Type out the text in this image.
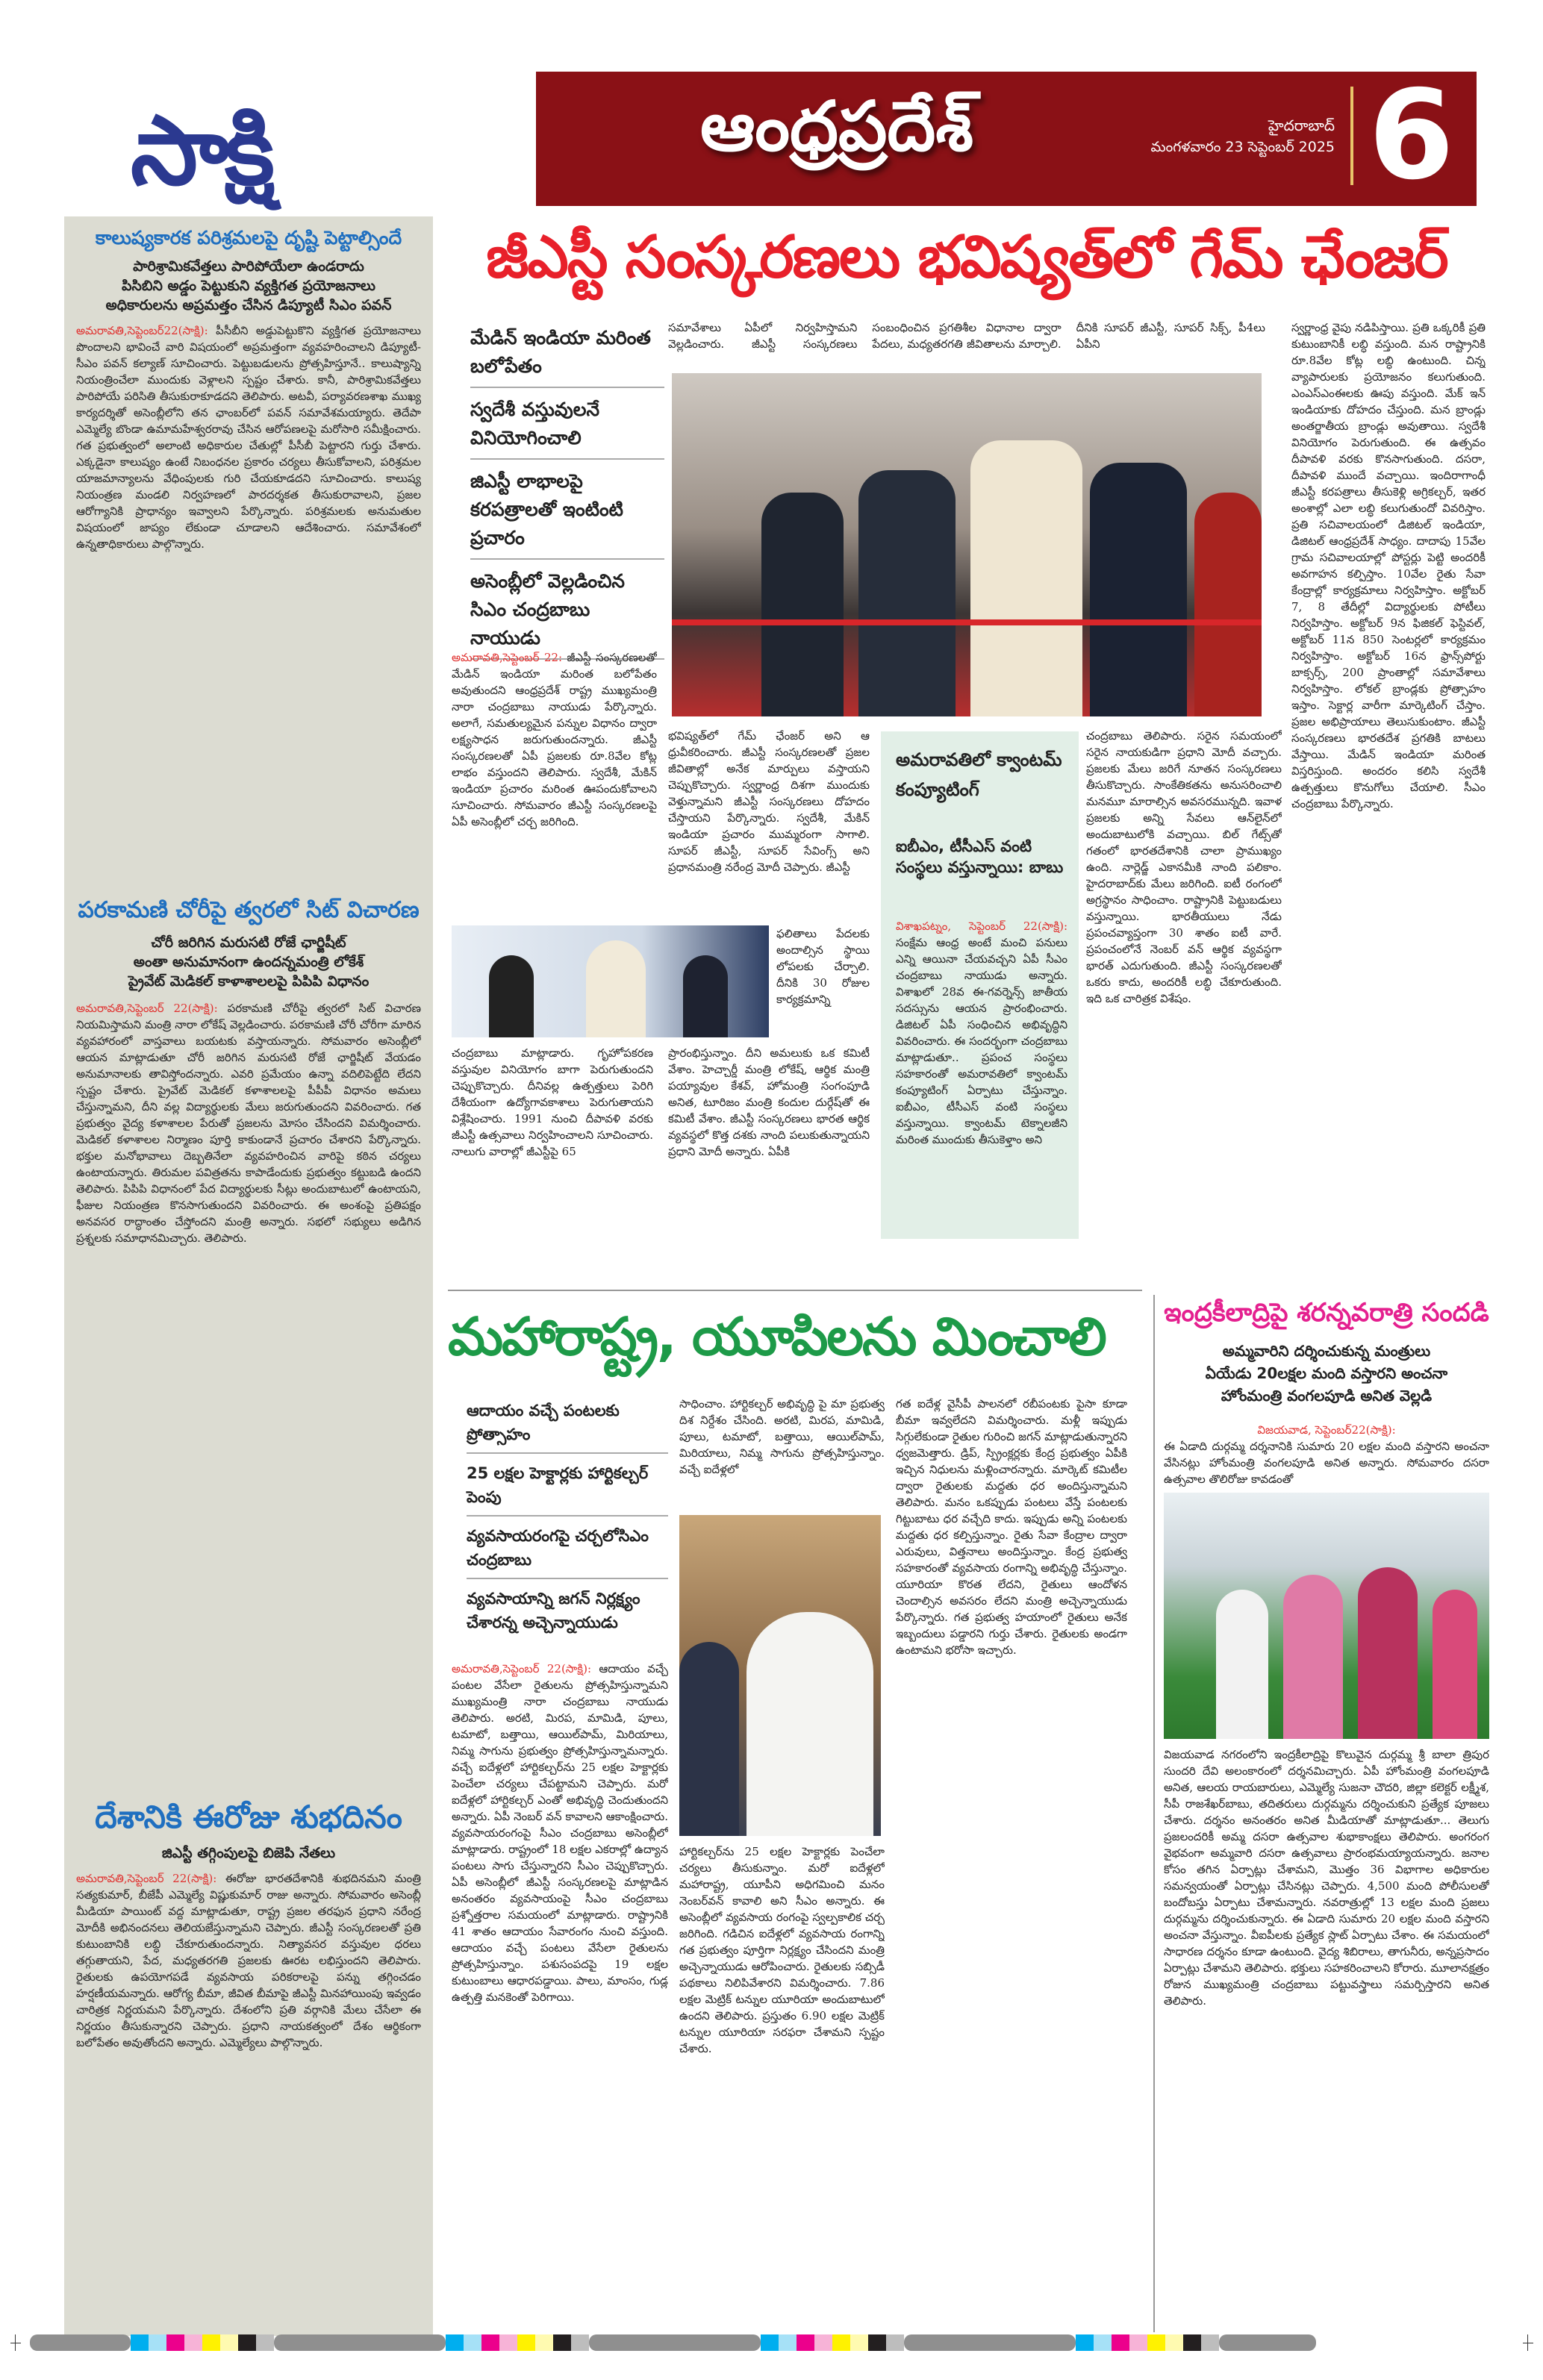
సాక్షి	ఆంధ్రప్రదేశ్	హైదరాబాద్
మంగళవారం 23 సెప్టెంబర్ 2025 6
కాలుష్యకారక పరిశ్రమలపై దృష్టి పెట్టాల్సిందే
పారిశ్రామికవేత్తలు పారిపోయేలా ఉండరాదు
పిసిబిని అడ్డం పెట్టుకుని వ్యక్తిగత ప్రయోజనాలు
అధికారులను అప్రమత్తం చేసిన డిప్యూటీ సిఎం పవన్
అమరావతి,సెప్టెంబర్22(సాక్షి): పీసీబీని అడ్డుపెట్టుకొని వ్యక్తిగత ప్రయోజనాలు పొందాలని భావించే వారి విషయంలో అప్రమత్తంగా వ్యవహరించాలని డిప్యూటీ- సీఎం పవన్ కల్యాణ్ సూచించారు. పెట్టుబడులను ప్రోత్సహిస్తూనే.. కాలుష్యాన్ని నియంత్రించేలా ముందుకు వెళ్లాలని స్పష్టం చేశారు. కానీ, పారిశ్రామికవేత్తలు పారిపోయే పరిసితి తీసుకురాకూడదని తెలిపారు. అటవీ, పర్యావరణశాఖ ముఖ్య కార్యదర్శితో అసెంబ్లీలోని తన ఛాంబర్‌లో పవన్ సమావేశమయ్యారు. తెదేపా ఎమ్మెల్యే బొండా ఉమామహేశ్వరరావు చేసిన ఆరోపణలపై మరోసారి సమీక్షించారు. గత ప్రభుత్వంలో అలాంటి అధికారుల చేతుల్లో పీసీబీ పెట్టారని గుర్తు చేశారు. ఎక్కడైనా కాలుష్యం ఉంటే నిబంధనల ప్రకారం చర్యలు తీసుకోవాలని, పరిశ్రమల యాజమాన్యాలను వేధింపులకు గురి చేయకూడదని సూచించారు. కాలుష్య నియంత్రణ మండలి నిర్వహణలో పారదర్శకత తీసుకురావాలని, ప్రజల ఆరోగ్యానికి ప్రాధాన్యం ఇవ్వాలని పేర్కొన్నారు. పరిశ్రమలకు అనుమతుల విషయంలో జాప్యం లేకుండా చూడాలని ఆదేశించారు. సమావేశంలో ఉన్నతాధికారులు పాల్గొన్నారు.
పరకామణి చోరీపై త్వరలో సిట్ విచారణ
చోరీ జరిగిన మరుసటి రోజే ఛార్జిషీట్
అంతా అనుమానంగా ఉందన్నమంత్రి లోకేశ్
ప్రైవేట్ మెడికల్ కాళాశాలలపై పిపిపి విధానం
అమరావతి,సెప్టెంబర్ 22(సాక్షి): పరకామణి చోరీపై త్వరలో సిట్ విచారణ నియమిస్తామని మంత్రి నారా లోకేష్ వెల్లడించారు. పరకామణి చోరీ చోరీగా మారిన వ్యవహారంలో వాస్తవాలు బయటకు వస్తాయన్నారు. సోమవారం అసెంబ్లీలో ఆయన మాట్లాడుతూ చోరీ జరిగిన మరుసటి రోజే ఛార్జిషీట్ వేయడం అనుమానాలకు తావిస్తోందన్నారు. ఎవరి ప్రమేయం ఉన్నా వదిలిపెట్టేది లేదని స్పష్టం చేశారు. ప్రైవేట్ మెడికల్ కళాశాలలపై పీపీపీ విధానం అమలు చేస్తున్నామని, దీని వల్ల విద్యార్థులకు మేలు జరుగుతుందని వివరించారు. గత ప్రభుత్వం వైద్య కళాశాలల పేరుతో ప్రజలను మోసం చేసిందని విమర్శించారు. మెడికల్ కళాశాలల నిర్మాణం పూర్తి కాకుండానే ప్రచారం చేశారని పేర్కొన్నారు. భక్తుల మనోభావాలు దెబ్బతినేలా వ్యవహరించిన వారిపై కఠిన చర్యలు ఉంటాయన్నారు. తిరుమల పవిత్రతను కాపాడేందుకు ప్రభుత్వం కట్టుబడి ఉందని తెలిపారు. పిపిపి విధానంలో పేద విద్యార్థులకు సీట్లు అందుబాటులో ఉంటాయని, ఫీజుల నియంత్రణ కొనసాగుతుందని వివరించారు. ఈ అంశంపై ప్రతిపక్షం అనవసర రాద్ధాంతం చేస్తోందని మంత్రి అన్నారు. సభలో సభ్యులు అడిగిన ప్రశ్నలకు సమాధానమిచ్చారు. తెలిపారు.
దేశానికి ఈరోజు శుభదినం
జిఎస్టీ తగ్గింపులపై బిజెపి నేతలు
అమరావతి,సెప్టెంబర్ 22(సాక్షి): ఈరోజు భారతదేశానికి శుభదినమని మంత్రి సత్యకుమార్, బీజేపీ ఎమ్మెల్యే విష్ణుకుమార్ రాజు అన్నారు. సోమవారం అసెంబ్లీ మీడియా పాయింట్ వద్ద మాట్లాడుతూ, రాష్ట్ర ప్రజల తరఫున ప్రధాని నరేంద్ర మోదీకి అభినందనలు తెలియజేస్తున్నామని చెప్పారు. జీఎస్టీ సంస్కరణలతో ప్రతి కుటుంబానికి లబ్ధి చేకూరుతుందన్నారు. నిత్యావసర వస్తువుల ధరలు తగ్గుతాయని, పేద, మధ్యతరగతి ప్రజలకు ఊరట లభిస్తుందని తెలిపారు. రైతులకు ఉపయోగపడే వ్యవసాయ పరికరాలపై పన్ను తగ్గించడం హర్షణీయమన్నారు. ఆరోగ్య బీమా, జీవిత బీమాపై జీఎస్టీ మినహాయింపు ఇవ్వడం చారిత్రక నిర్ణయమని పేర్కొన్నారు. దేశంలోని ప్రతి వర్గానికి మేలు చేసేలా ఈ నిర్ణయం తీసుకున్నారని చెప్పారు. ప్రధాని నాయకత్వంలో దేశం ఆర్థికంగా బలోపేతం అవుతోందని అన్నారు. ఎమ్మెల్యేలు పాల్గొన్నారు.
జీఎస్టీ సంస్కరణలు భవిష్యత్‌లో గేమ్ ఛేంజర్
మేడిన్ ఇండియా మరింత బలోపేతం
స్వదేశీ వస్తువులనే వినియోగించాలి
జిఎస్టీ లాభాలపై కరపత్రాలతో ఇంటింటి ప్రచారం
అసెంబ్లీలో వెల్లడించిన సిఎం చంద్రబాబు నాయుడు
అమరావతి,సెప్టెంబర్ 22: జీఎస్టీ సంస్కరణలతో మేడిన్ ఇండియా మరింత బలోపేతం అవుతుందని ఆంధ్రప్రదేశ్ రాష్ట్ర ముఖ్యమంత్రి నారా చంద్రబాబు నాయుడు పేర్కొన్నారు. అలాగే, సమతుల్యమైన పన్నుల విధానం ద్వారా లక్ష్యసాధన జరుగుతుందన్నారు. జీఎస్టీ సంస్కరణలతో ఏపీ ప్రజలకు రూ.8వేల కోట్ల లాభం వస్తుందని తెలిపారు. స్వదేశీ, మేకిన్ ఇండియా ప్రచారం మరింత ఊపందుకోవాలని సూచించారు. సోమవారం జీఎస్టీ సంస్కరణలపై ఏపీ అసెంబ్లీలో చర్చ జరిగింది.
సమావేశాలు ఏపీలో నిర్వహిస్తామని వెల్లడించారు. జీఎస్టీ సంస్కరణలు సంబంధించిన ప్రగతిశీల విధానాల ద్వారా పేదలు, మధ్యతరగతి జీవితాలను మార్చాలి. దీనికి సూపర్ జీఎస్టీ, సూపర్ సిక్స్, పీ4లు ఏపీని
స్వర్ణాంధ్ర వైపు నడిపిస్తాయి. ప్రతి ఒక్కరికీ ప్రతి కుటుంబానికీ లబ్ధి వస్తుంది. మన రాష్ట్రానికి రూ.8వేల కోట్ల లబ్ధి ఉంటుంది. చిన్న వ్యాపారులకు ప్రయోజనం కలుగుతుంది. ఎంఎస్ఎంఈలకు ఊపు వస్తుంది. మేక్ ఇన్ ఇండియాకు దోహదం చేస్తుంది. మన బ్రాండ్లు అంతర్జాతీయ బ్రాండ్లు అవుతాయి. స్వదేశీ వినియోగం పెరుగుతుంది. ఈ ఉత్సవం దీపావళి వరకు కొనసాగుతుంది. దసరా, దీపావళి ముందే వచ్చాయి. ఇందిరాగాంధీ జీఎస్టీ కరపత్రాలు తీసుకెళ్లి అగ్రికల్చర్, ఇతర అంశాల్లో ఎలా లబ్ధి కలుగుతుందో వివరిస్తాం. ప్రతి సచివాలయంలో డిజిటల్ ఇండియా, డిజిటల్ ఆంధ్రప్రదేశ్ సాధ్యం. దాదాపు 15వేల గ్రామ సచివాలయాల్లో పోస్టర్లు పెట్టి అందరికీ అవగాహన కల్పిస్తాం. 10వేల రైతు సేవా కేంద్రాల్లో కార్యక్రమాలు నిర్వహిస్తాం. అక్టోబర్ 7, 8 తేదీల్లో విద్యార్థులకు పోటీలు నిర్వహిస్తాం. అక్టోబర్ 9న ఫిజికల్ ఫెస్టివల్, అక్టోబర్ 11న 850 సెంటర్లలో కార్యక్రమం నిర్వహిస్తాం. అక్టోబర్ 16న ఫ్రాన్స్‌పోర్టు బాక్సర్స్, 200 ప్రాంతాల్లో సమావేశాలు నిర్వహిస్తాం. లోకల్ బ్రాండ్లకు ప్రోత్సాహం ఇస్తాం. సెక్టార్ల వారీగా మార్కెటింగ్ చేస్తాం. ప్రజల అభిప్రాయాలు తెలుసుకుంటాం. జీఎస్టీ సంస్కరణలు భారతదేశ ప్రగతికి బాటలు వేస్తాయి. మేడిన్ ఇండియా మరింత విస్తరిస్తుంది. అందరం కలిసి స్వదేశీ ఉత్పత్తులు కొనుగోలు చేయాలి. సీఎం చంద్రబాబు పేర్కొన్నారు.
భవిష్యత్‌లో గేమ్ ఛేంజర్ అని ఆ ధ్రువీకరించారు. జీఎస్టీ సంస్కరణలతో ప్రజల జీవితాల్లో అనేక మార్పులు వస్తాయని చెప్పుకొచ్చారు. స్వర్ణాంధ్ర దిశగా ముందుకు వెళ్తున్నామని జీఎస్టీ సంస్కరణలు దోహదం చేస్తాయని పేర్కొన్నారు. స్వదేశీ, మేకిన్ ఇండియా ప్రచారం ముమ్మరంగా సాగాలి. సూపర్ జీఎస్టీ, సూపర్ సేవింగ్స్ అని ప్రధానమంత్రి నరేంద్ర మోదీ చెప్పారు. జీఎస్టీ
ఫలితాలు పేదలకు అందాల్సిన స్థాయి లోపలకు చేర్చాలి. దీనికి 30 రోజుల కార్యక్రమాన్ని
చంద్రబాబు మాట్లాడారు. గృహోపకరణ వస్తువుల వినియోగం బాగా పెరుగుతుందని చెప్పుకొచ్చారు. దీనివల్ల ఉత్పత్తులు పెరిగి దేశీయంగా ఉద్యోగావకాశాలు పెరుగుతాయని విశ్లేషించారు. 1991 నుంచి దీపావళి వరకు జీఎస్టీ ఉత్సవాలు నిర్వహించాలని సూచించారు. నాలుగు వారాల్లో జీఎస్టీపై 65
ప్రారంభిస్తున్నాం. దీని అమలుకు ఒక కమిటీ వేశాం. హెచ్చార్డీ మంత్రి లోకేష్, ఆర్థిక మంత్రి పయ్యావుల కేశవ్, హోమంత్రి సంగంపూడి అనిత, టూరిజం మంత్రి కందుల దుర్గేష్‌తో ఈ కమిటీ వేశాం. జీఎస్టీ సంస్కరణలు భారత ఆర్థిక వ్యవస్థలో కొత్త దశకు నాంది పలుకుతున్నాయని ప్రధాని మోదీ అన్నారు. ఏపీకి
అమరావతిలో క్వాంటమ్ కంప్యూటింగ్
ఐబీఎం, టీసీఎస్ వంటి సంస్థలు వస్తున్నాయి: బాబు
విశాఖపట్నం, సెప్టెంబర్ 22(సాక్షి): సంక్షేమ ఆంధ్ర అంటే మంచి పనులు ఎన్ని ఆయినా చేయవచ్చని ఏపీ సీఎం చంద్రబాబు నాయుడు అన్నారు. విశాఖలో 28వ ఈ-గవర్నెన్స్ జాతీయ సదస్సును ఆయన ప్రారంభించారు. డిజిటల్ ఏపీ సంధించిన అభివృద్ధిని వివరించారు. ఈ సందర్భంగా చంద్రబాబు మాట్లాడుతూ.. ప్రపంచ సంస్థలు సహకారంతో అమరావతిలో క్వాంటమ్ కంప్యూటింగ్ ఏర్పాటు చేస్తున్నాం. ఐబీఎం, టీసీఎస్ వంటి సంస్థలు వస్తున్నాయి. క్వాంటమ్ టెక్నాలజీని మరింత ముందుకు తీసుకెళ్తాం అని
చంద్రబాబు తెలిపారు. సరైన సమయంలో సరైన నాయకుడిగా ప్రధాని మోదీ వచ్చారు. ప్రజలకు మేలు జరిగే నూతన సంస్కరణలు తీసుకొచ్చారు. సాంకేతికతను అనుసరించాలి మనమూ మారాల్సిన అవసరమున్నది. ఇవాళ ప్రజలకు అన్ని సేవలు ఆన్‌లైన్‌లో అందుబాటులోకి వచ్చాయి. బిల్ గేట్స్‌తో గతంలో భారతదేశానికి చాలా ప్రాముఖ్యం ఉంది. నార్లెడ్జ్ ఎకానమీకి నాంది పలికాం. హైదరాబాద్‌కు మేలు జరిగింది. ఐటీ రంగంలో అగ్రస్థానం సాధించాం. రాష్ట్రానికి పెట్టుబడులు వస్తున్నాయి. భారతీయులు నేడు ప్రపంచవ్యాప్తంగా 30 శాతం ఐటీ వారే. ప్రపంచంలోనే నెంబర్ వన్ ఆర్థిక వ్యవస్థగా భారత్ ఎదుగుతుంది. జీఎస్టీ సంస్కరణలతో ఒకరు కాదు, అందరికీ లబ్ధి చేకూరుతుంది. ఇది ఒక చారిత్రక విశేషం.
మహారాష్ట్ర, యూపిలను మించాలి
ఆదాయం వచ్చే పంటలకు ప్రోత్సాహం
25 లక్షల హెక్టార్లకు హార్టికల్చర్ పెంపు
వ్యవసాయరంగపై చర్చలోసిఎం చంద్రబాబు
వ్యవసాయాన్ని జగన్ నిర్లక్ష్యం చేశారన్న అచ్చెన్నాయుడు
అమరావతి,సెప్టెంబర్ 22(సాక్షి): ఆదాయం వచ్చే పంటల వేసేలా రైతులను ప్రోత్సహిస్తున్నామని ముఖ్యమంత్రి నారా చంద్రబాబు నాయుడు తెలిపారు. అరటి, మిరప, మామిడి, పూలు, టమాటో, బత్తాయి, ఆయిల్‌పామ్, మిరియాలు, నిమ్మ సాగును ప్రభుత్వం ప్రోత్సహిస్తున్నామన్నారు. వచ్చే ఐదేళ్లలో హార్టికల్చర్‌ను 25 లక్షల హెక్టార్లకు పెంచేలా చర్యలు చేపట్టామని చెప్పారు. మరో ఐదేళ్లలో హార్టికల్చర్ ఎంతో అభివృద్ధి చెందుతుందని అన్నారు. ఏపీ నెంబర్ వన్ కావాలని ఆకాంక్షించారు. వ్యవసాయరంగంపై సీఎం చంద్రబాబు అసెంబ్లీలో మాట్లాడారు. రాష్ట్రంలో 18 లక్షల ఎకరాల్లో ఉద్యాన పంటలు సాగు చేస్తున్నారని సీఎం చెప్పుకొచ్చారు. ఏపీ అసెంబ్లీలో జీఎస్టీ సంస్కరణలపై మాట్లాడిన అనంతరం వ్యవసాయంపై సీఎం చంద్రబాబు ప్రశ్నోత్తరాల సమయంలో మాట్లాడారు. రాష్ట్రానికి 41 శాతం ఆదాయం సేవారంగం నుంచి వస్తుంది. ఆదాయం వచ్చే పంటలు వేసేలా రైతులను ప్రోత్సహిస్తున్నాం. పశుసంపదపై 19 లక్షల కుటుంబాలు ఆధారపడ్డాయి. పాలు, మాంసం, గుడ్ల ఉత్పత్తి మనకెంతో పెరిగాయి.
సాధించాం. హార్టికల్చర్ అభివృద్ధి పై మా ప్రభుత్వ దిశ నిర్దేశం చేసింది. అరటి, మిరప, మామిడి, పూలు, టమాటో, బత్తాయి, ఆయిల్‌పామ్, మిరియాలు, నిమ్మ సాగును ప్రోత్సహిస్తున్నాం. వచ్చే ఐదేళ్లలో
హార్టికల్చర్‌ను 25 లక్షల హెక్టార్లకు పెంచేలా చర్యలు తీసుకున్నాం. మరో ఐదేళ్లలో మహారాష్ట్ర, యూపీని అధిగమించి మనం నెంబర్‌వన్ కావాలి అని సీఎం అన్నారు. ఈ అసెంబ్లీలో వ్యవసాయ రంగంపై స్వల్పకాలిక చర్చ జరిగింది. గడిచిన ఐదేళ్లలో వ్యవసాయ రంగాన్ని గత ప్రభుత్వం పూర్తిగా నిర్లక్ష్యం చేసిందని మంత్రి అచ్చెన్నాయుడు ఆరోపించారు. రైతులకు సబ్సిడీ పథకాలు నిలిపివేశారని విమర్శించారు. 7.86 లక్షల మెట్రిక్ టన్నుల యూరియా అందుబాటులో ఉందని తెలిపారు. ప్రస్తుతం 6.90 లక్షల మెట్రిక్ టన్నుల యూరియా సరఫరా చేశామని స్పష్టం చేశారు.
గత ఐదేళ్ల వైసీపీ పాలనలో రబీపంటకు పైసా కూడా బీమా ఇవ్వలేదని విమర్శించారు. మళ్లీ ఇప్పుడు సిగ్గులేకుండా రైతుల గురించి జగన్ మాట్లాడుతున్నారని ధ్వజమెత్తారు. డ్రిప్, స్ప్రింక్లర్లకు కేంద్ర ప్రభుత్వం ఏపీకి ఇచ్చిన నిధులను మళ్లించారన్నారు. మార్కెట్ కమిటీల ద్వారా రైతులకు మద్దతు ధర అందిస్తున్నామని తెలిపారు. మనం ఒకప్పుడు పంటలు వేస్తే పంటలకు గిట్టుబాటు ధర వచ్చేది కాదు. ఇప్పుడు అన్ని పంటలకు మద్దతు ధర కల్పిస్తున్నాం. రైతు సేవా కేంద్రాల ద్వారా ఎరువులు, విత్తనాలు అందిస్తున్నాం. కేంద్ర ప్రభుత్వ సహకారంతో వ్యవసాయ రంగాన్ని అభివృద్ధి చేస్తున్నాం. యూరియా కొరత లేదని, రైతులు ఆందోళన చెందాల్సిన అవసరం లేదని మంత్రి అచ్చెన్నాయుడు పేర్కొన్నారు. గత ప్రభుత్వ హయాంలో రైతులు అనేక ఇబ్బందులు పడ్డారని గుర్తు చేశారు. రైతులకు అండగా ఉంటామని భరోసా ఇచ్చారు.
ఇంద్రకీలాద్రిపై శరన్నవరాత్రి సందడి
అమ్మవారిని దర్శించుకున్న మంత్రులు
ఏయేడు 20లక్షల మంది వస్తారని అంచనా
హోంమంత్రి వంగలపూడి అనిత వెల్లడి
విజయవాడ, సెప్టెంబర్22(సాక్షి):
ఈ ఏడాది దుర్గమ్మ దర్శనానికి సుమారు 20 లక్షల మంది వస్తారని అంచనా వేసినట్లు హోంమంత్రి వంగలపూడి అనిత అన్నారు. సోమవారం దసరా ఉత్సవాల తొలిరోజు కావడంతో
విజయవాడ నగరంలోని ఇంద్రకీలాద్రిపై కొలువైన దుర్గమ్మ శ్రీ బాలా త్రిపుర సుందరి దేవి అలంకారంలో దర్శనమిచ్చారు. ఏపీ హోంమంత్రి వంగలపూడి అనిత, ఆలయ రాయబారులు, ఎమ్మెల్యే సుజనా చౌదరి, జిల్లా కలెక్టర్ లక్ష్మీశ, సీపీ రాజశేఖర్‌బాబు, తదితరులు దుర్గమ్మను దర్శించుకుని ప్రత్యేక పూజలు చేశారు. దర్శనం అనంతరం అనిత మీడియాతో మాట్లాడుతూ... తెలుగు ప్రజలందరికీ అమ్మ దసరా ఉత్సవాల శుభాకాంక్షలు తెలిపారు. అంగరంగ వైభవంగా అమ్మవారి దసరా ఉత్సవాలు ప్రారంభమయ్యాయన్నారు. జనాల కోసం తగిన ఏర్పాట్లు చేశామని, మొత్తం 36 విభాగాల అధికారుల సమన్వయంతో ఏర్పాట్లు చేసినట్లు చెప్పారు. 4,500 మంది పోలీసులతో బందోబస్తు ఏర్పాటు చేశామన్నారు. నవరాత్రుల్లో 13 లక్షల మంది ప్రజలు దుర్గమ్మను దర్శించుకున్నారు. ఈ ఏడాది సుమారు 20 లక్షల మంది వస్తారని అంచనా వేస్తున్నాం. వీఐపీలకు ప్రత్యేక స్లాట్ ఏర్పాటు చేశాం. ఈ సమయంలో సాధారణ దర్శనం కూడా ఉంటుంది. వైద్య శిబిరాలు, తాగునీరు, అన్నప్రసాదం ఏర్పాట్లు చేశామని తెలిపారు. భక్తులు సహకరించాలని కోరారు. మూలానక్షత్రం రోజున ముఖ్యమంత్రి చంద్రబాబు పట్టువస్త్రాలు సమర్పిస్తారని అనిత తెలిపారు.
